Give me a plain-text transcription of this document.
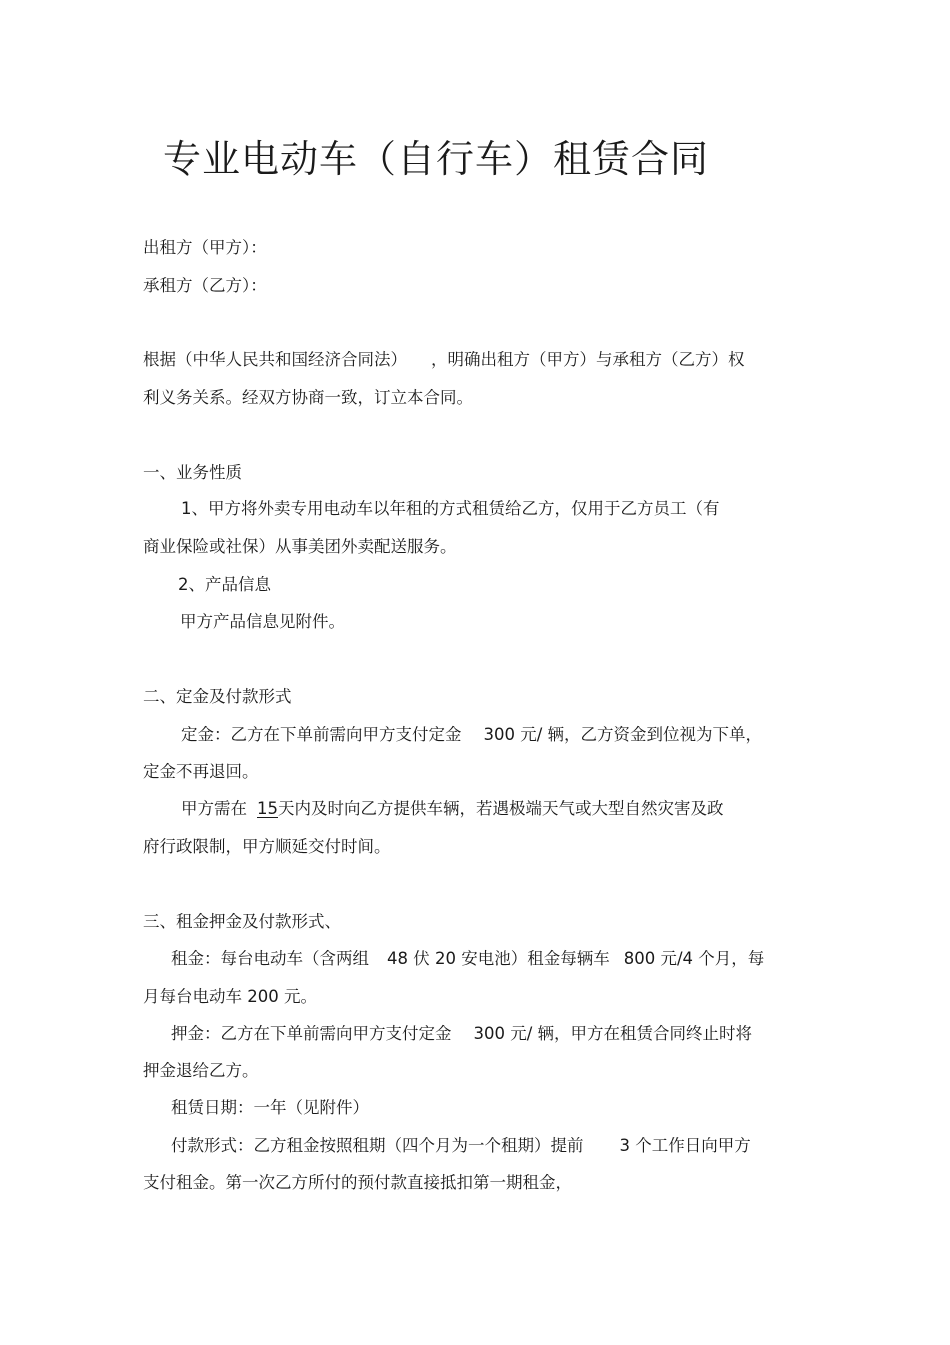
专业电动车（自行车）租赁合同
出租方（甲方）：
承租方（乙方）：
根据（中华人民共和国经济合同法） ，明确出租方（甲方）与承租方（乙方）权
利义务关系。经双方协商一致，订立本合同。
一、业务性质
1、甲方将外卖专用电动车以年租的方式租赁给乙方，仅用于乙方员工（有
商业保险或社保）从事美团外卖配送服务。
2、产品信息
甲方产品信息见附件。
二、定金及付款形式
定金：乙方在下单前需向甲方支付定金 300 元/ 辆，乙方资金到位视为下单，
定金不再退回。
甲方需在 15天内及时向乙方提供车辆，若遇极端天气或大型自然灾害及政
府行政限制，甲方顺延交付时间。
三、租金押金及付款形式、
租金：每台电动车（含两组 48 伏 20 安电池）租金每辆车 800 元/4 个月，每
月每台电动车 200 元。
押金：乙方在下单前需向甲方支付定金 300 元/ 辆，甲方在租赁合同终止时将
押金退给乙方。
租赁日期：一年（见附件）
付款形式：乙方租金按照租期（四个月为一个租期）提前 3 个工作日向甲方
支付租金。第一次乙方所付的预付款直接抵扣第一期租金，
